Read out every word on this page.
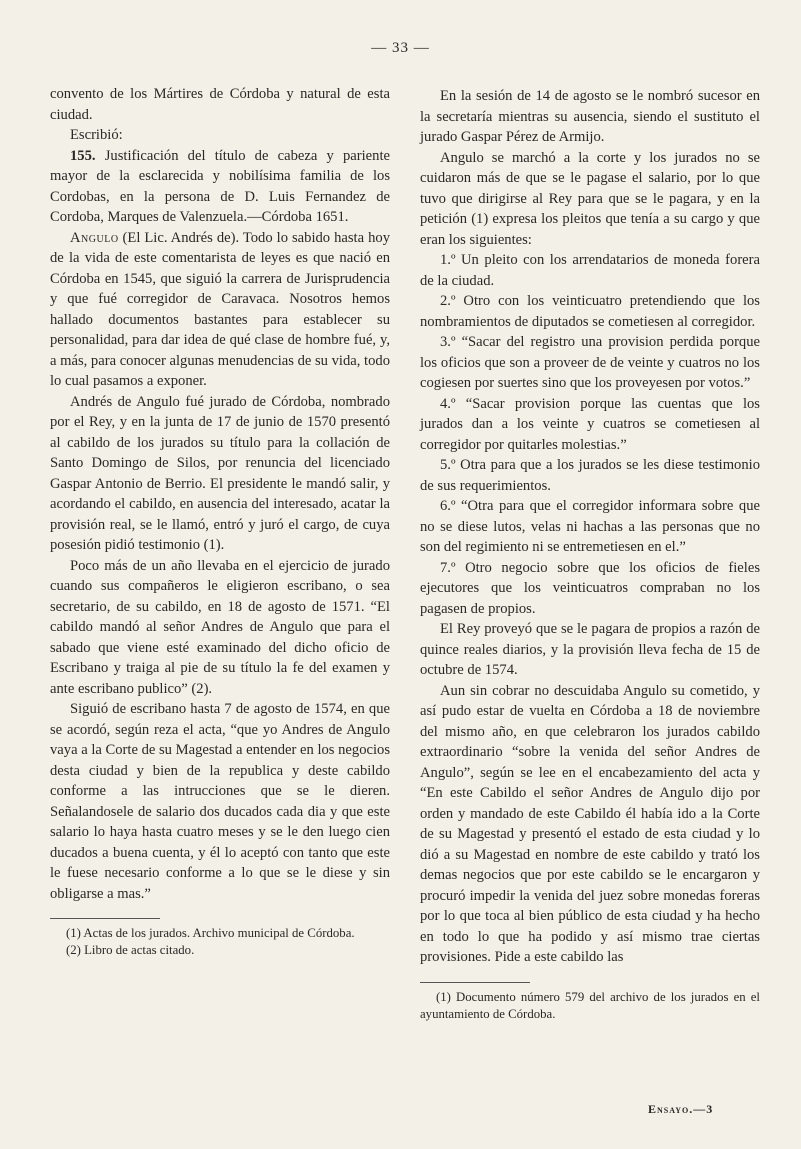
— 33 —

convento de los Mártires de Córdoba y natural de esta ciudad.

Escribió:

155. Justificación del título de cabeza y pariente mayor de la esclarecida y nobilísima familia de los Cordobas, en la persona de D. Luis Fernandez de Cordoba, Marques de Valenzuela.—Córdoba 1651.

Angulo (El Lic. Andrés de). Todo lo sabido hasta hoy de la vida de este comentarista de leyes es que nació en Córdoba en 1545, que siguió la carrera de Jurisprudencia y que fué corregidor de Caravaca. Nosotros hemos hallado documentos bastantes para establecer su personalidad, para dar idea de qué clase de hombre fué, y, a más, para conocer algunas menudencias de su vida, todo lo cual pasamos a exponer.

Andrés de Angulo fué jurado de Córdoba, nombrado por el Rey, y en la junta de 17 de junio de 1570 presentó al cabildo de los jurados su título para la collación de Santo Domingo de Silos, por renuncia del licenciado Gaspar Antonio de Berrio. El presidente le mandó salir, y acordando el cabildo, en ausencia del interesado, acatar la provisión real, se le llamó, entró y juró el cargo, de cuya posesión pidió testimonio (1).

Poco más de un año llevaba en el ejercicio de jurado cuando sus compañeros le eligieron escribano, o sea secretario, de su cabildo, en 18 de agosto de 1571. “El cabildo mandó al señor Andres de Angulo que para el sabado que viene esté examinado del dicho oficio de Escribano y traiga al pie de su título la fe del examen y ante escribano publico” (2).

Siguió de escribano hasta 7 de agosto de 1574, en que se acordó, según reza el acta, “que yo Andres de Angulo vaya a la Corte de su Magestad a entender en los negocios desta ciudad y bien de la republica y deste cabildo conforme a las intrucciones que se le dieren. Señalandosele de salario dos ducados cada dia y que este salario lo haya hasta cuatro meses y se le den luego cien ducados a buena cuenta, y él lo aceptó con tanto que este le fuese necesario conforme a lo que se le diese y sin obligarse a mas.”

(1) Actas de los jurados. Archivo municipal de Córdoba.

(2) Libro de actas citado.

En la sesión de 14 de agosto se le nombró sucesor en la secretaría mientras su ausencia, siendo el sustituto el jurado Gaspar Pérez de Armijo.

Angulo se marchó a la corte y los jurados no se cuidaron más de que se le pagase el salario, por lo que tuvo que dirigirse al Rey para que se le pagara, y en la petición (1) expresa los pleitos que tenía a su cargo y que eran los siguientes:

1.º Un pleito con los arrendatarios de moneda forera de la ciudad.

2.º Otro con los veinticuatro pretendiendo que los nombramientos de diputados se cometiesen al corregidor.

3.º “Sacar del registro una provision perdida porque los oficios que son a proveer de de veinte y cuatros no los cogiesen por suertes sino que los proveyesen por votos.”

4.º “Sacar provision porque las cuentas que los jurados dan a los veinte y cuatros se cometiesen al corregidor por quitarles molestias.”

5.º Otra para que a los jurados se les diese testimonio de sus requerimientos.

6.º “Otra para que el corregidor informara sobre que no se diese lutos, velas ni hachas a las personas que no son del regimiento ni se entremetiesen en el.”

7.º Otro negocio sobre que los oficios de fieles ejecutores que los veinticuatros compraban no los pagasen de propios.

El Rey proveyó que se le pagara de propios a razón de quince reales diarios, y la provisión lleva fecha de 15 de octubre de 1574.

Aun sin cobrar no descuidaba Angulo su cometido, y así pudo estar de vuelta en Córdoba a 18 de noviembre del mismo año, en que celebraron los jurados cabildo extraordinario “sobre la venida del señor Andres de Angulo”, según se lee en el encabezamiento del acta y “En este Cabildo el señor Andres de Angulo dijo por orden y mandado de este Cabildo él había ido a la Corte de su Magestad y presentó el estado de esta ciudad y lo dió a su Magestad en nombre de este cabildo y trató los demas negocios que por este cabildo se le encargaron y procuró impedir la venida del juez sobre monedas foreras por lo que toca al bien público de esta ciudad y ha hecho en todo lo que ha podido y así mismo trae ciertas provisiones. Pide a este cabildo las

(1) Documento número 579 del archivo de los jurados en el ayuntamiento de Córdoba.

Ensayo.—3
